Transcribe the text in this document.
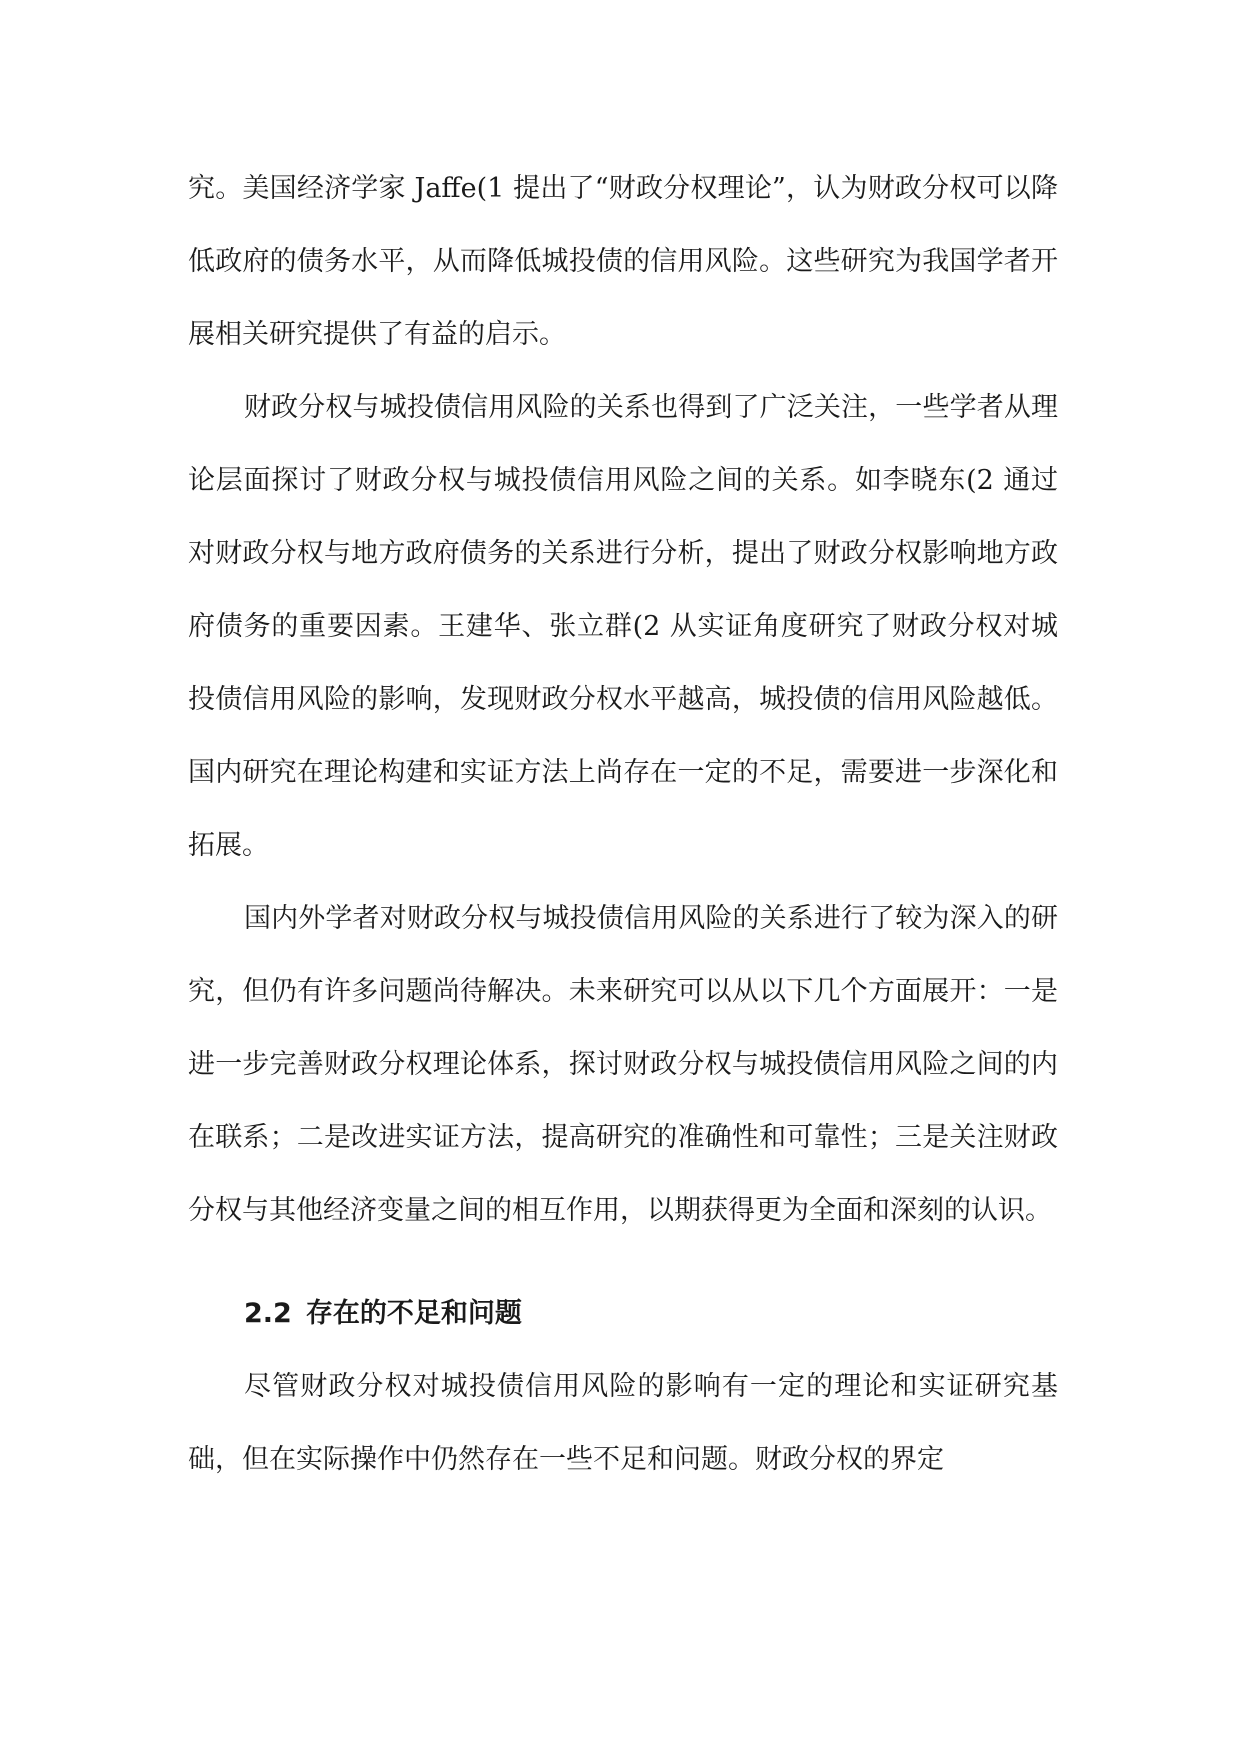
究。美国经济学家 Jaffe(1 提出了“财政分权理论”，认为财政分权可以降低政府的债务水平，从而降低城投债的信用风险。这些研究为我国学者开展相关研究提供了有益的启示。

财政分权与城投债信用风险的关系也得到了广泛关注，一些学者从理论层面探讨了财政分权与城投债信用风险之间的关系。如李晓东(2 通过对财政分权与地方政府债务的关系进行分析，提出了财政分权影响地方政府债务的重要因素。王建华、张立群(2 从实证角度研究了财政分权对城投债信用风险的影响，发现财政分权水平越高，城投债的信用风险越低。国内研究在理论构建和实证方法上尚存在一定的不足，需要进一步深化和拓展。

国内外学者对财政分权与城投债信用风险的关系进行了较为深入的研究，但仍有许多问题尚待解决。未来研究可以从以下几个方面展开：一是进一步完善财政分权理论体系，探讨财政分权与城投债信用风险之间的内在联系；二是改进实证方法，提高研究的准确性和可靠性；三是关注财政分权与其他经济变量之间的相互作用，以期获得更为全面和深刻的认识。

2.2 存在的不足和问题

尽管财政分权对城投债信用风险的影响有一定的理论和实证研究基础，但在实际操作中仍然存在一些不足和问题。财政分权的界定
